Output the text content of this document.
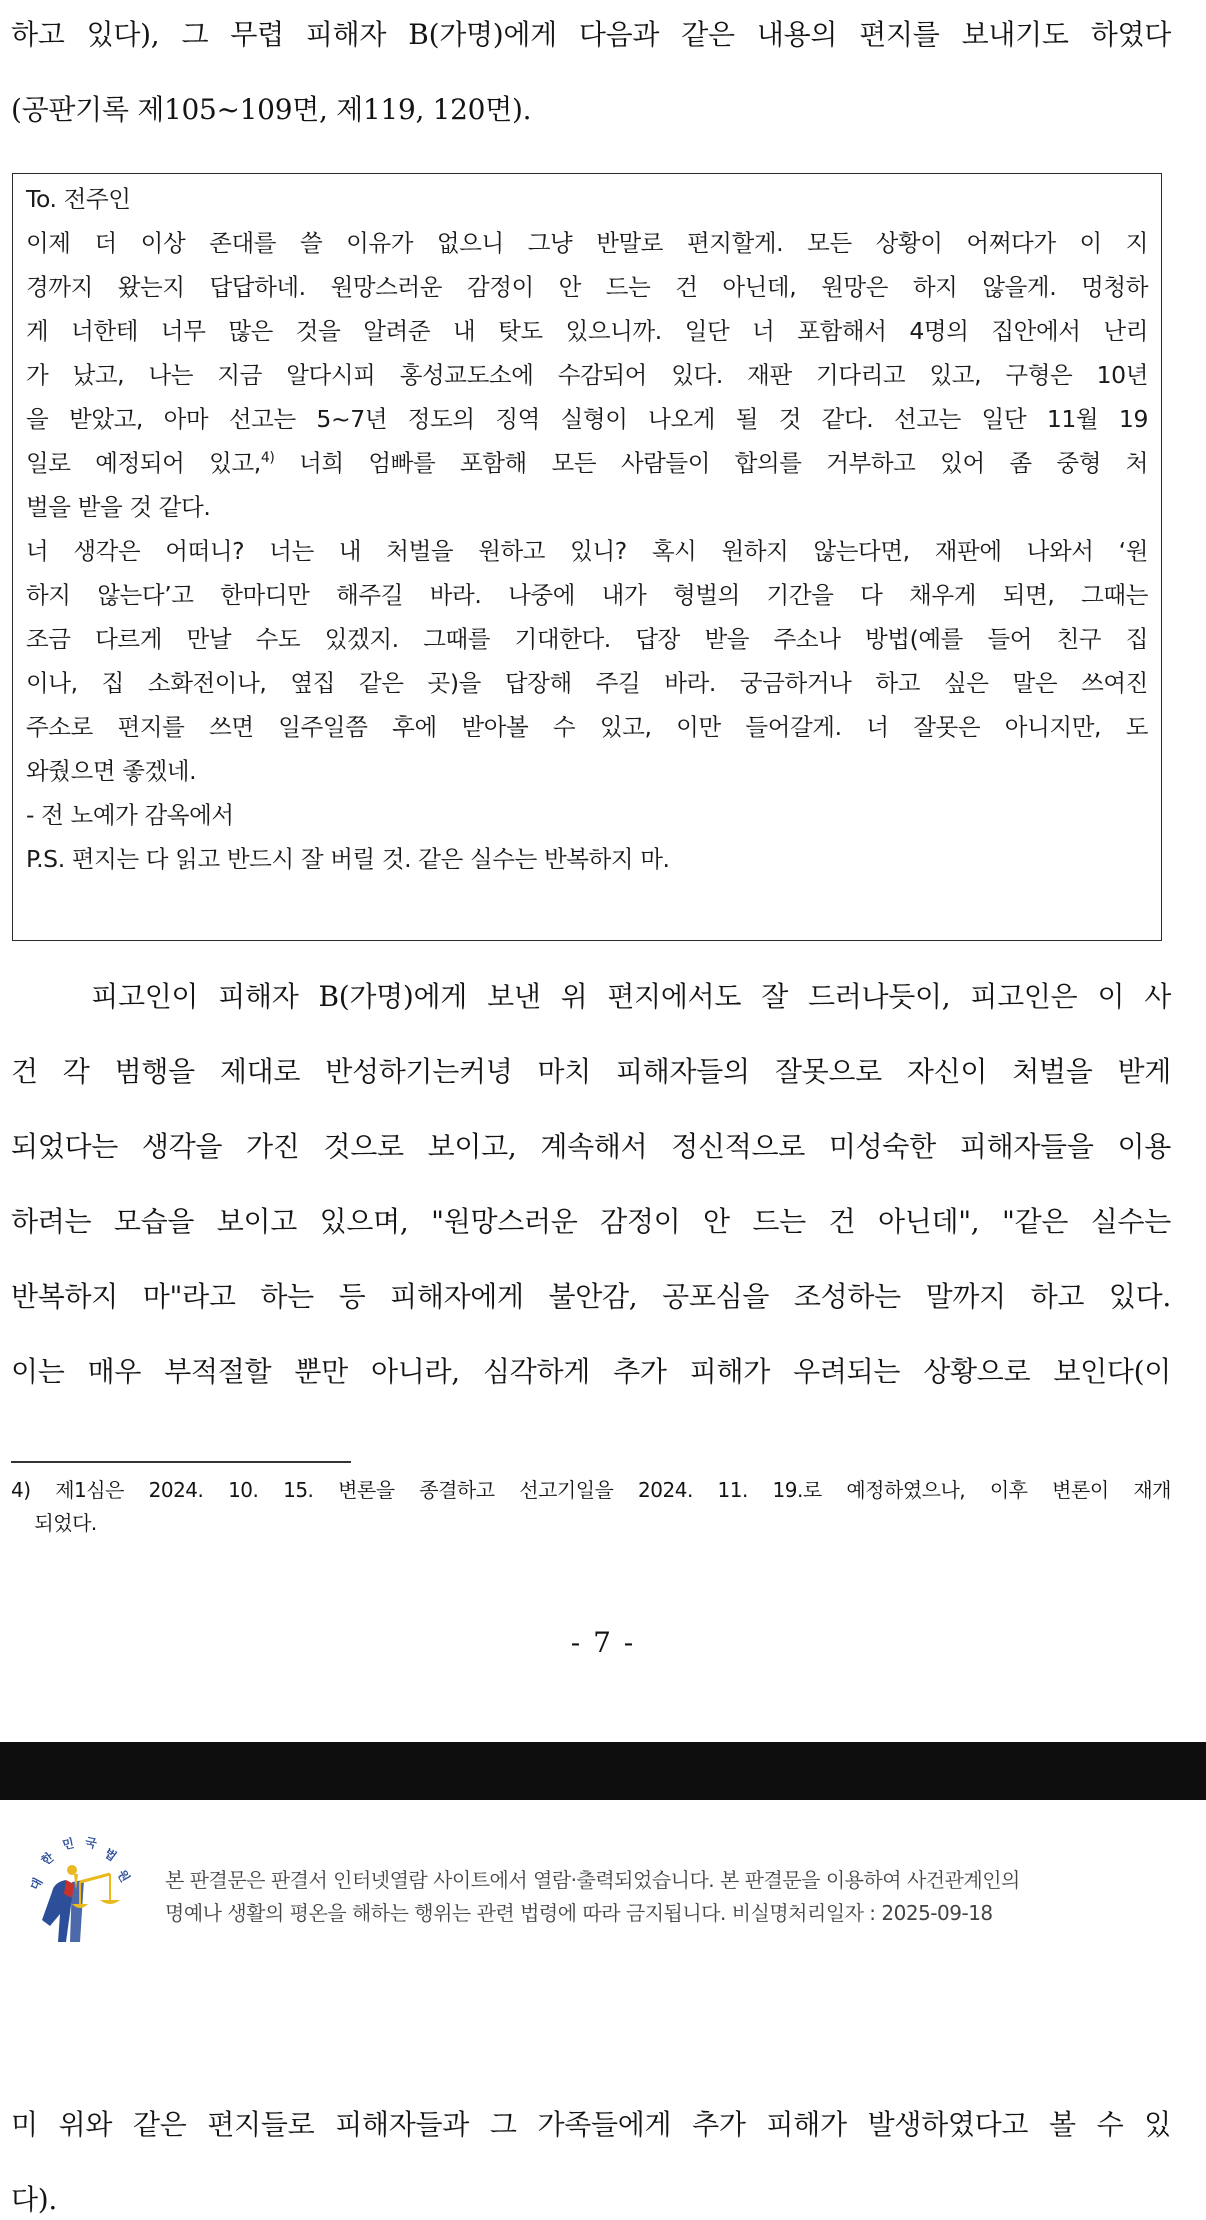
하고 있다), 그 무렵 피해자 B(가명)에게 다음과 같은 내용의 편지를 보내기도 하였다
(공판기록 제105~109면, 제119, 120면).
To. 전주인
이제 더 이상 존대를 쓸 이유가 없으니 그냥 반말로 편지할게. 모든 상황이 어쩌다가 이 지
경까지 왔는지 답답하네. 원망스러운 감정이 안 드는 건 아닌데, 원망은 하지 않을게. 멍청하
게 너한테 너무 많은 것을 알려준 내 탓도 있으니까. 일단 너 포함해서 4명의 집안에서 난리
가 났고, 나는 지금 알다시피 홍성교도소에 수감되어 있다. 재판 기다리고 있고, 구형은 10년
을 받았고, 아마 선고는 5~7년 정도의 징역 실형이 나오게 될 것 같다. 선고는 일단 11월 19
일로 예정되어 있고,$^{4)}$ 너희 엄빠를 포함해 모든 사람들이 합의를 거부하고 있어 좀 중형 처
벌을 받을 것 같다.
너 생각은 어떠니? 너는 내 처벌을 원하고 있니? 혹시 원하지 않는다면, 재판에 나와서 ‘원
하지 않는다’고 한마디만 해주길 바라. 나중에 내가 형벌의 기간을 다 채우게 되면, 그때는
조금 다르게 만날 수도 있겠지. 그때를 기대한다. 답장 받을 주소나 방법(예를 들어 친구 집
이나, 집 소화전이나, 옆집 같은 곳)을 답장해 주길 바라. 궁금하거나 하고 싶은 말은 쓰여진
주소로 편지를 쓰면 일주일쯤 후에 받아볼 수 있고, 이만 들어갈게. 너 잘못은 아니지만, 도
와줬으면 좋겠네.
- 전 노예가 감옥에서
P.S. 편지는 다 읽고 반드시 잘 버릴 것. 같은 실수는 반복하지 마.
피고인이 피해자 B(가명)에게 보낸 위 편지에서도 잘 드러나듯이, 피고인은 이 사
건 각 범행을 제대로 반성하기는커녕 마치 피해자들의 잘못으로 자신이 처벌을 받게
되었다는 생각을 가진 것으로 보이고, 계속해서 정신적으로 미성숙한 피해자들을 이용
하려는 모습을 보이고 있으며, "원망스러운 감정이 안 드는 건 아닌데", "같은 실수는
반복하지 마"라고 하는 등 피해자에게 불안감, 공포심을 조성하는 말까지 하고 있다.
이는 매우 부적절할 뿐만 아니라, 심각하게 추가 피해가 우려되는 상황으로 보인다(이
4) 제1심은 2024. 10. 15. 변론을 종결하고 선고기일을 2024. 11. 19.로 예정하였으나, 이후 변론이 재개
되었다.
- 7 -
대
한
민 국
법
원 본 판결문은 판결서 인터넷열람 사이트에서 열람·출력되었습니다. 본 판결문을 이용하여 사건관계인의
명예나 생활의 평온을 해하는 행위는 관련 법령에 따라 금지됩니다. 비실명처리일자 : 2025-09-18
미 위와 같은 편지들로 피해자들과 그 가족들에게 추가 피해가 발생하였다고 볼 수 있
다).
